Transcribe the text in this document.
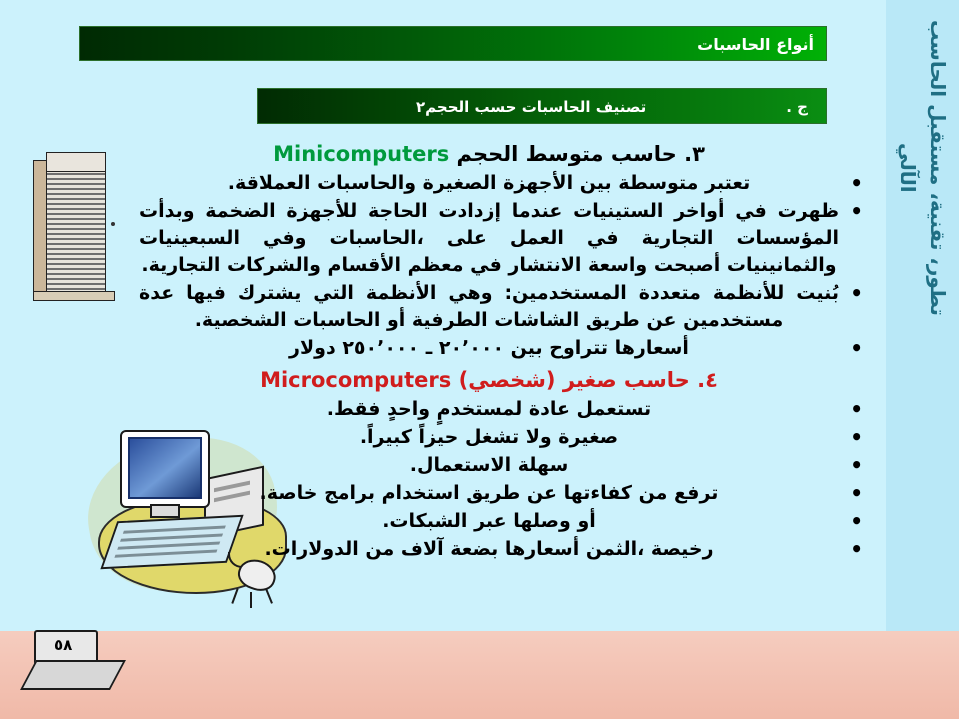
تطور، تقنية، مستقبل الحاسب الآلي
أنواع الحاسبات
ج .
تصنيف الحاسبات حسب الحجم٢

٣. حاسب متوسط الحجم Minicomputers

• تعتبر متوسطة بين الأجهزة الصغيرة والحاسبات العملاقة.
• ظهرت في أواخر الستينيات عندما إزدادت الحاجة للأجهزة الضخمة وبدأت المؤسسات التجارية في العمل على ،الحاسبات وفي السبعينيات والثمانينيات أصبحت واسعة الانتشار في معظم الأقسام والشركات التجارية.
• بُنيت للأنظمة متعددة المستخدمين: وهي الأنظمة التي يشترك فيها عدة مستخدمين عن طريق الشاشات الطرفية أو الحاسبات الشخصية.
• أسعارها تتراوح بين ٢٠٬٠٠٠ ـ ٢٥٠٬٠٠٠ دولار

٤. حاسب صغير (شخصي) Microcomputers

• تستعمل عادة لمستخدمٍ واحدٍ فقط.
• صغيرة ولا تشغل حيزاً كبيراً.
• سهلة الاستعمال.
• ترفع من كفاءتها عن طريق استخدام برامج خاصة.
• أو وصلها عبر الشبكات.
• رخيصة ،الثمن أسعارها بضعة آلاف من الدولارات.
٥٨
